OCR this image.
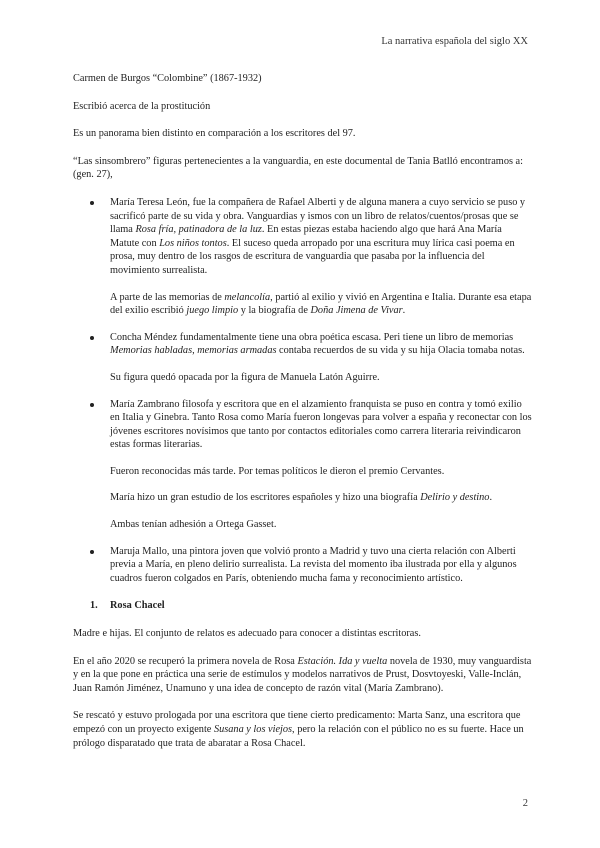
La narrativa española del siglo XX

Carmen de Burgos “Colombine” (1867-1932)

Escribió acerca de la prostitución

Es un panorama bien distinto en comparación a los escritores del 97.

“Las sinsombrero” figuras pertenecientes a la vanguardia, en este documental de Tania Batlló encontramos a: (gen. 27),

María Teresa León, fue la compañera de Rafael Alberti y de alguna manera a cuyo servicio se puso y sacrificó parte de su vida y obra. Vanguardias y ismos con un libro de relatos/cuentos/prosas que se llama Rosa fría, patinadora de la luz. En estas piezas estaba haciendo algo que hará Ana María Matute con Los niños tontos. El suceso queda arropado por una escritura muy lírica casi poema en prosa, muy dentro de los rasgos de escritura de vanguardia que pasaba por la influencia del movimiento surrealista.

A parte de las memorias de melancolía, partió al exilio y vivió en Argentina e Italia. Durante esa etapa del exilio escribió juego limpio y la biografía de Doña Jimena de Vivar.

Concha Méndez fundamentalmente tiene una obra poética escasa. Peri tiene un libro de memorias Memorias habladas, memorias armadas contaba recuerdos de su vida y su hija Olacia tomaba notas.

Su figura quedó opacada por la figura de Manuela Latón Aguirre.

María Zambrano filosofa y escritora que en el alzamiento franquista se puso en contra y tomó exilio en Italia y Ginebra. Tanto Rosa como María fueron longevas para volver a españa y reconectar con los jóvenes escritores novísimos que tanto por contactos editoriales como carrera literaria reivindicaron estas formas literarias.

Fueron reconocidas más tarde. Por temas políticos le dieron el premio Cervantes.

María hizo un gran estudio de los escritores españoles y hizo una biografía Delirio y destino.

Ambas tenían adhesión a Ortega Gasset.

Maruja Mallo, una pintora joven que volvió pronto a Madrid y tuvo una cierta relación con Alberti previa a María, en pleno delirio surrealista. La revista del momento iba ilustrada por ella y algunos cuadros fueron colgados en París, obteniendo mucha fama y reconocimiento artístico.

1. Rosa Chacel

Madre e hijas. El conjunto de relatos es adecuado para conocer a distintas escritoras.

En el año 2020 se recuperó la primera novela de Rosa Estación. Ida y vuelta novela de 1930, muy vanguardista y en la que pone en práctica una serie de estímulos y modelos narrativos de Prust, Dosvtoyeski, Valle-Inclán, Juan Ramón Jiménez, Unamuno y una idea de concepto de razón vital (María Zambrano).

Se rescató y estuvo prologada por una escritora que tiene cierto predicamento: Marta Sanz, una escritora que empezó con un proyecto exigente Susana y los viejos, pero la relación con el público no es su fuerte. Hace un prólogo disparatado que trata de abaratar a Rosa Chacel.

2
